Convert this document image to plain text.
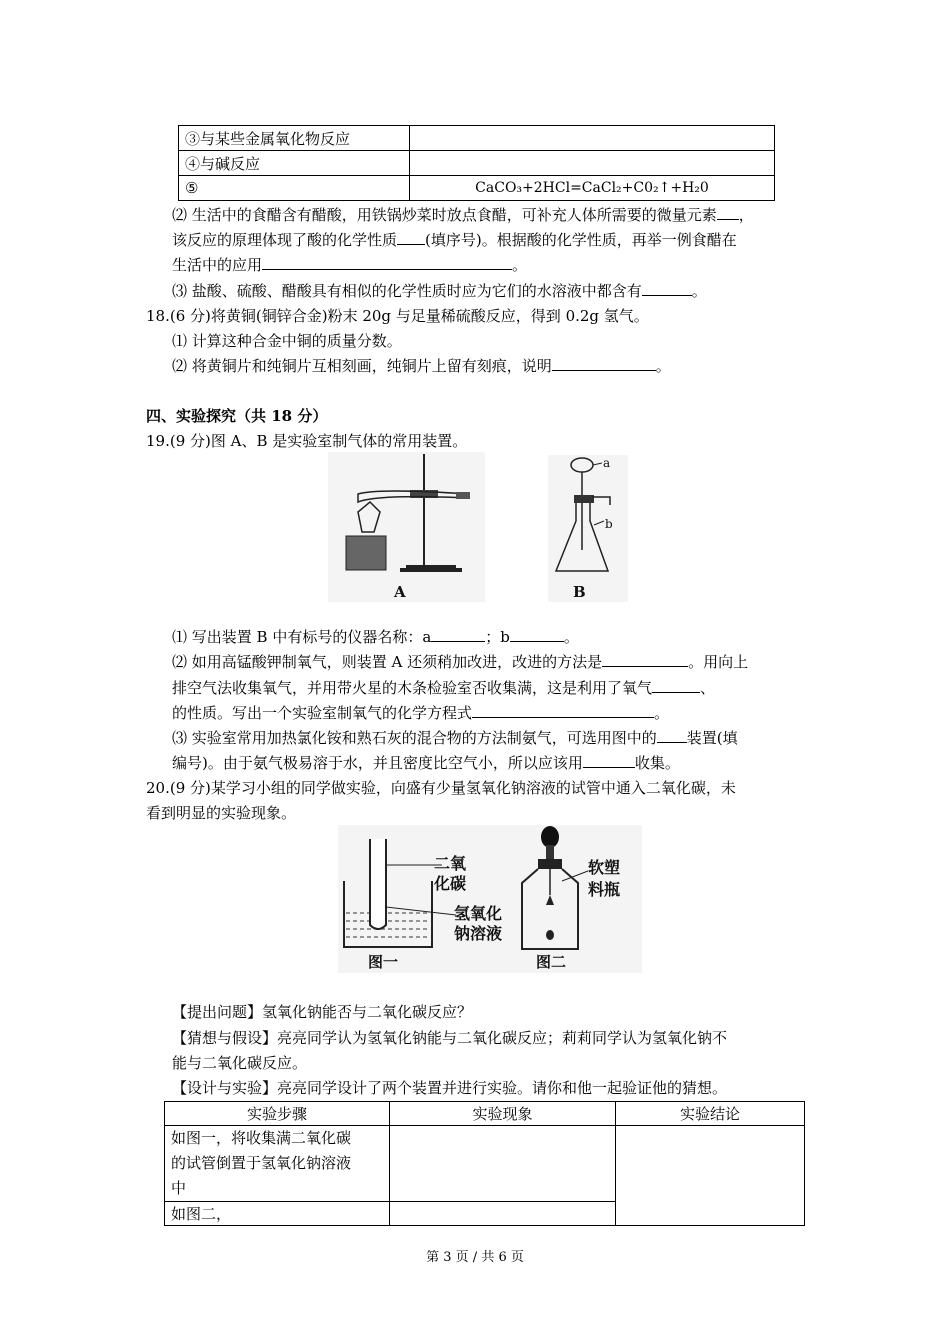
③与某些金属氧化物反应	
④与碱反应	
⑤	CaCO₃+2HCl=CaCl₂+C0₂↑+H₂0
⑵ 生活中的食醋含有醋酸，用铁锅炒菜时放点食醋，可补充人体所需要的微量元素 ，
该反应的原理体现了酸的化学性质 (填序号)。根据酸的化学性质，再举一例食醋在
生活中的应用	。
⑶ 盐酸、硫酸、醋酸具有相似的化学性质时应为它们的水溶液中都含有	。
18.(6 分)将黄铜(铜锌合金)粉末 20g 与足量稀硫酸反应，得到 0.2g 氢气。
⑴ 计算这种合金中铜的质量分数。
⑵ 将黄铜片和纯铜片互相刻画，纯铜片上留有刻痕，说明	。
四、实验探究（共 18 分）
19.(9 分)图 A、B 是实验室制气体的常用装置。
A
a
b
B
⑴ 写出装置 B 中有标号的仪器名称：a	；b	。
⑵ 如用高锰酸钾制氧气，则装置 A 还须稍加改进，改进的方法是	。用向上
排空气法收集氧气，并用带火星的木条检验室否收集满，这是利用了氧气	、
的性质。写出一个实验室制氧气的化学方程式	。
⑶ 实验室常用加热氯化铵和熟石灰的混合物的方法制氨气，可选用图中的 装置(填
编号)。由于氨气极易溶于水，并且密度比空气小，所以应该用	收集。
20.(9 分)某学习小组的同学做实验，向盛有少量氢氧化钠溶液的试管中通入二氧化碳，未
看到明显的实验现象。
二氧
化碳
氢氧化
钠溶液
图一
软塑
料瓶
图二
【提出问题】氢氧化钠能否与二氧化碳反应？
【猜想与假设】亮亮同学认为氢氧化钠能与二氧化碳反应；莉莉同学认为氢氧化钠不
能与二氧化碳反应。
【设计与实验】亮亮同学设计了两个装置并进行实验。请你和他一起验证他的猜想。
实验步骤	实验现象	实验结论

如图一，将收集满二氧化碳
的试管倒置于氢氧化钠溶液
中		

如图二，		
第 3 页 / 共 6 页
